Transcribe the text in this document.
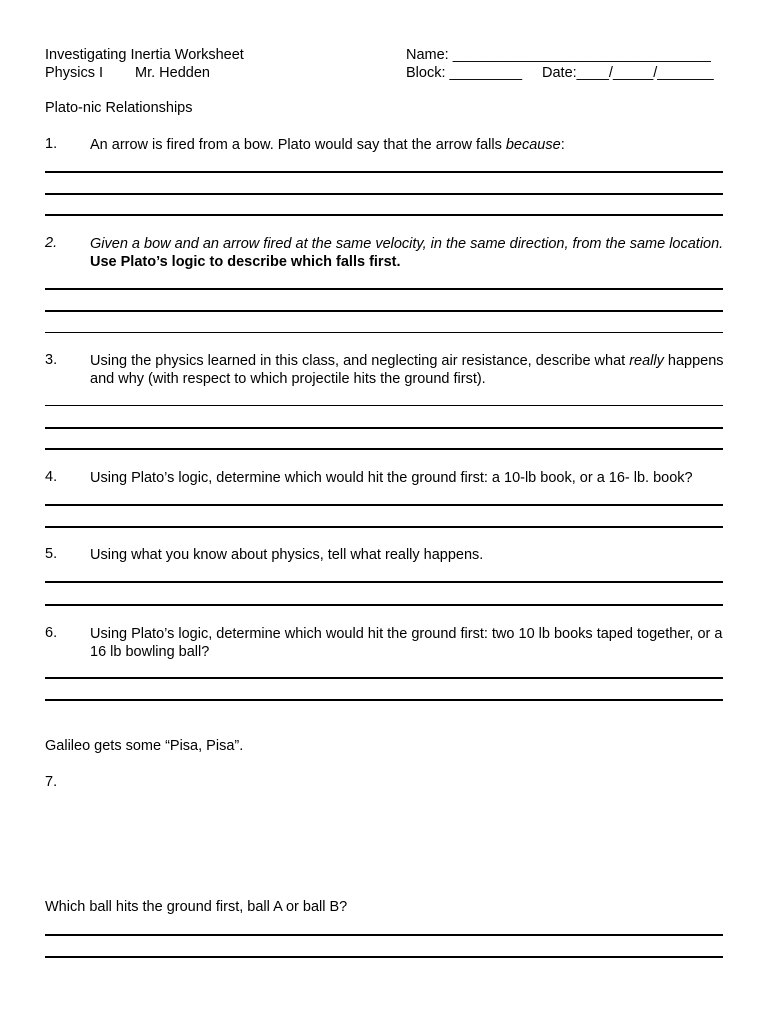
Investigating Inertia Worksheet
Physics I Mr. Hedden
Name: ________________________________
Block: _________ Date:____/_____/_______
Plato-nic Relationships
1. An arrow is fired from a bow. Plato would say that the arrow falls because:
2. Given a bow and an arrow fired at the same velocity, in the same direction, from the same location. Use Plato’s logic to describe which falls first.
3. Using the physics learned in this class, and neglecting air resistance, describe what really happens and why (with respect to which projectile hits the ground first).
4. Using Plato’s logic, determine which would hit the ground first: a 10-lb book, or a 16- lb. book?
5. Using what you know about physics, tell what really happens.
6. Using Plato’s logic, determine which would hit the ground first: two 10 lb books taped together, or a 16 lb bowling ball?
Galileo gets some “Pisa, Pisa”.
7.
Which ball hits the ground first, ball A or ball B?
